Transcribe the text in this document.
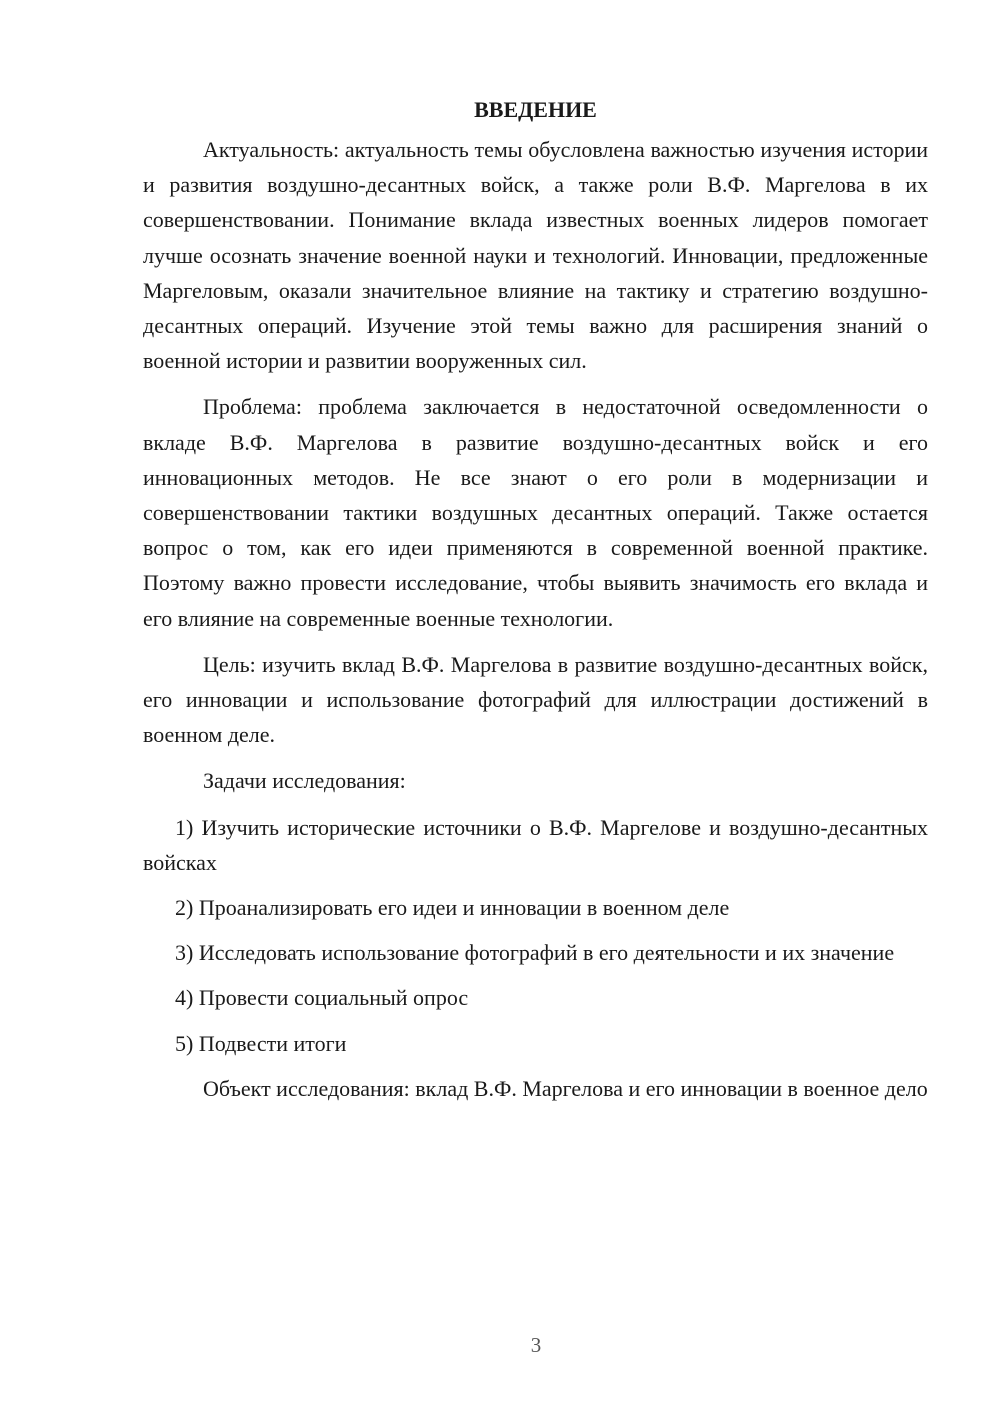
ВВЕДЕНИЕ

Актуальность: актуальность темы обусловлена важностью изучения истории и развития воздушно-десантных войск, а также роли В.Ф. Маргелова в их совершенствовании. Понимание вклада известных военных лидеров помогает лучше осознать значение военной науки и технологий. Инновации, предложенные Маргеловым, оказали значительное влияние на тактику и стратегию воздушно-десантных операций. Изучение этой темы важно для расширения знаний о военной истории и развитии вооруженных сил.

Проблема: проблема заключается в недостаточной осведомленности о вкладе В.Ф. Маргелова в развитие воздушно-десантных войск и его инновационных методов. Не все знают о его роли в модернизации и совершенствовании тактики воздушных десантных операций. Также остается вопрос о том, как его идеи применяются в современной военной практике. Поэтому важно провести исследование, чтобы выявить значимость его вклада и его влияние на современные военные технологии.

Цель: изучить вклад В.Ф. Маргелова в развитие воздушно-десантных войск, его инновации и использование фотографий для иллюстрации достижений в военном деле.

Задачи исследования:

1) Изучить исторические источники о В.Ф. Маргелове и воздушно-десантных войсках

2) Проанализировать его идеи и инновации в военном деле

3) Исследовать использование фотографий в его деятельности и их значение

4) Провести социальный опрос

5) Подвести итоги

Объект исследования: вклад В.Ф. Маргелова и его инновации в военное дело

3
